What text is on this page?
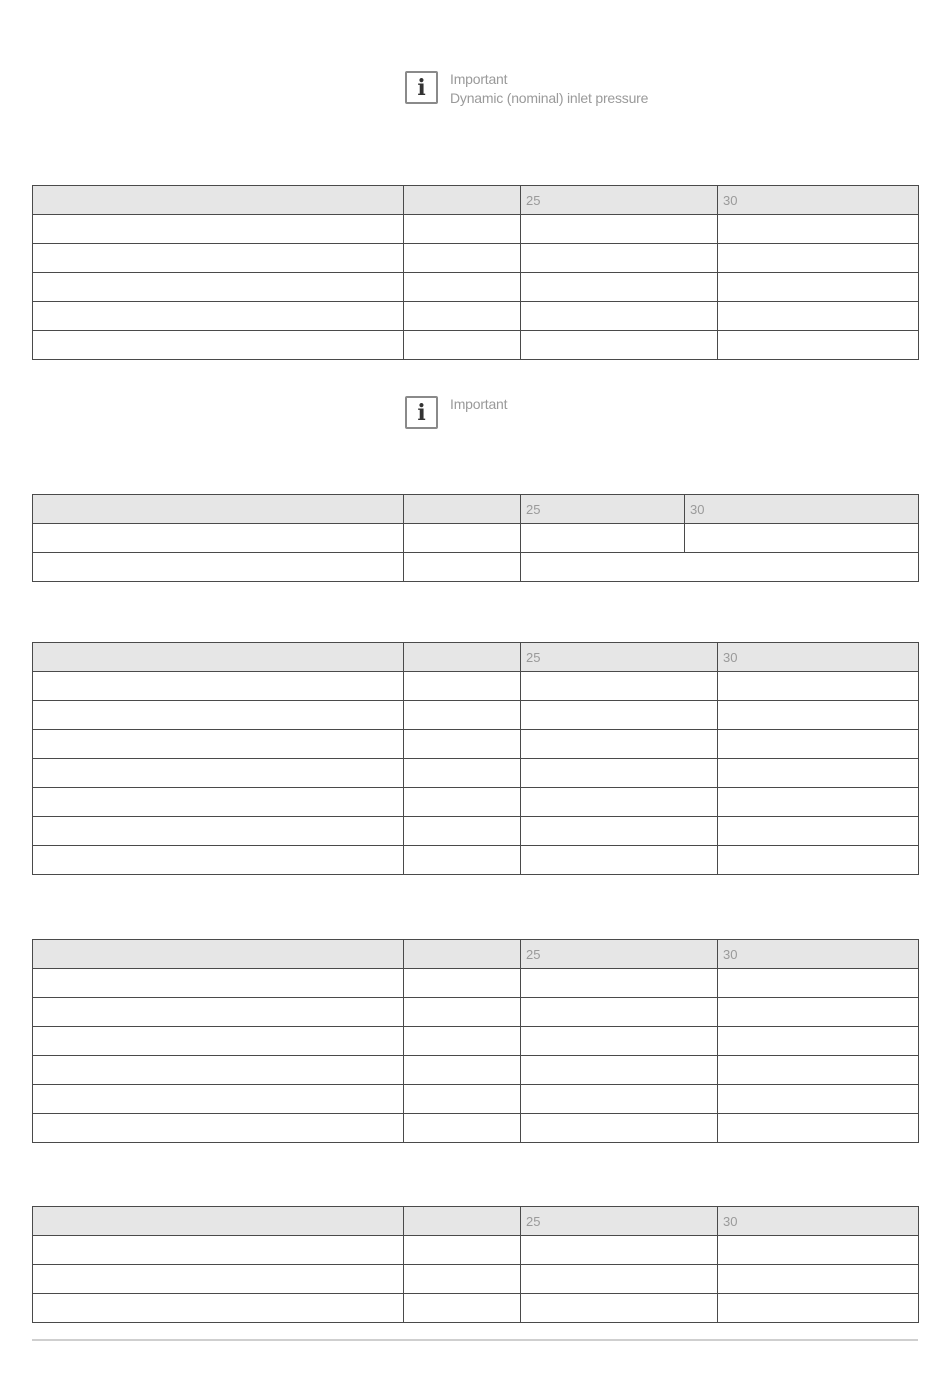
i Important
Dynamic (nominal) inlet pressure
		25	30

i Important
		25	30

		25	30

		25	30

		25	30
